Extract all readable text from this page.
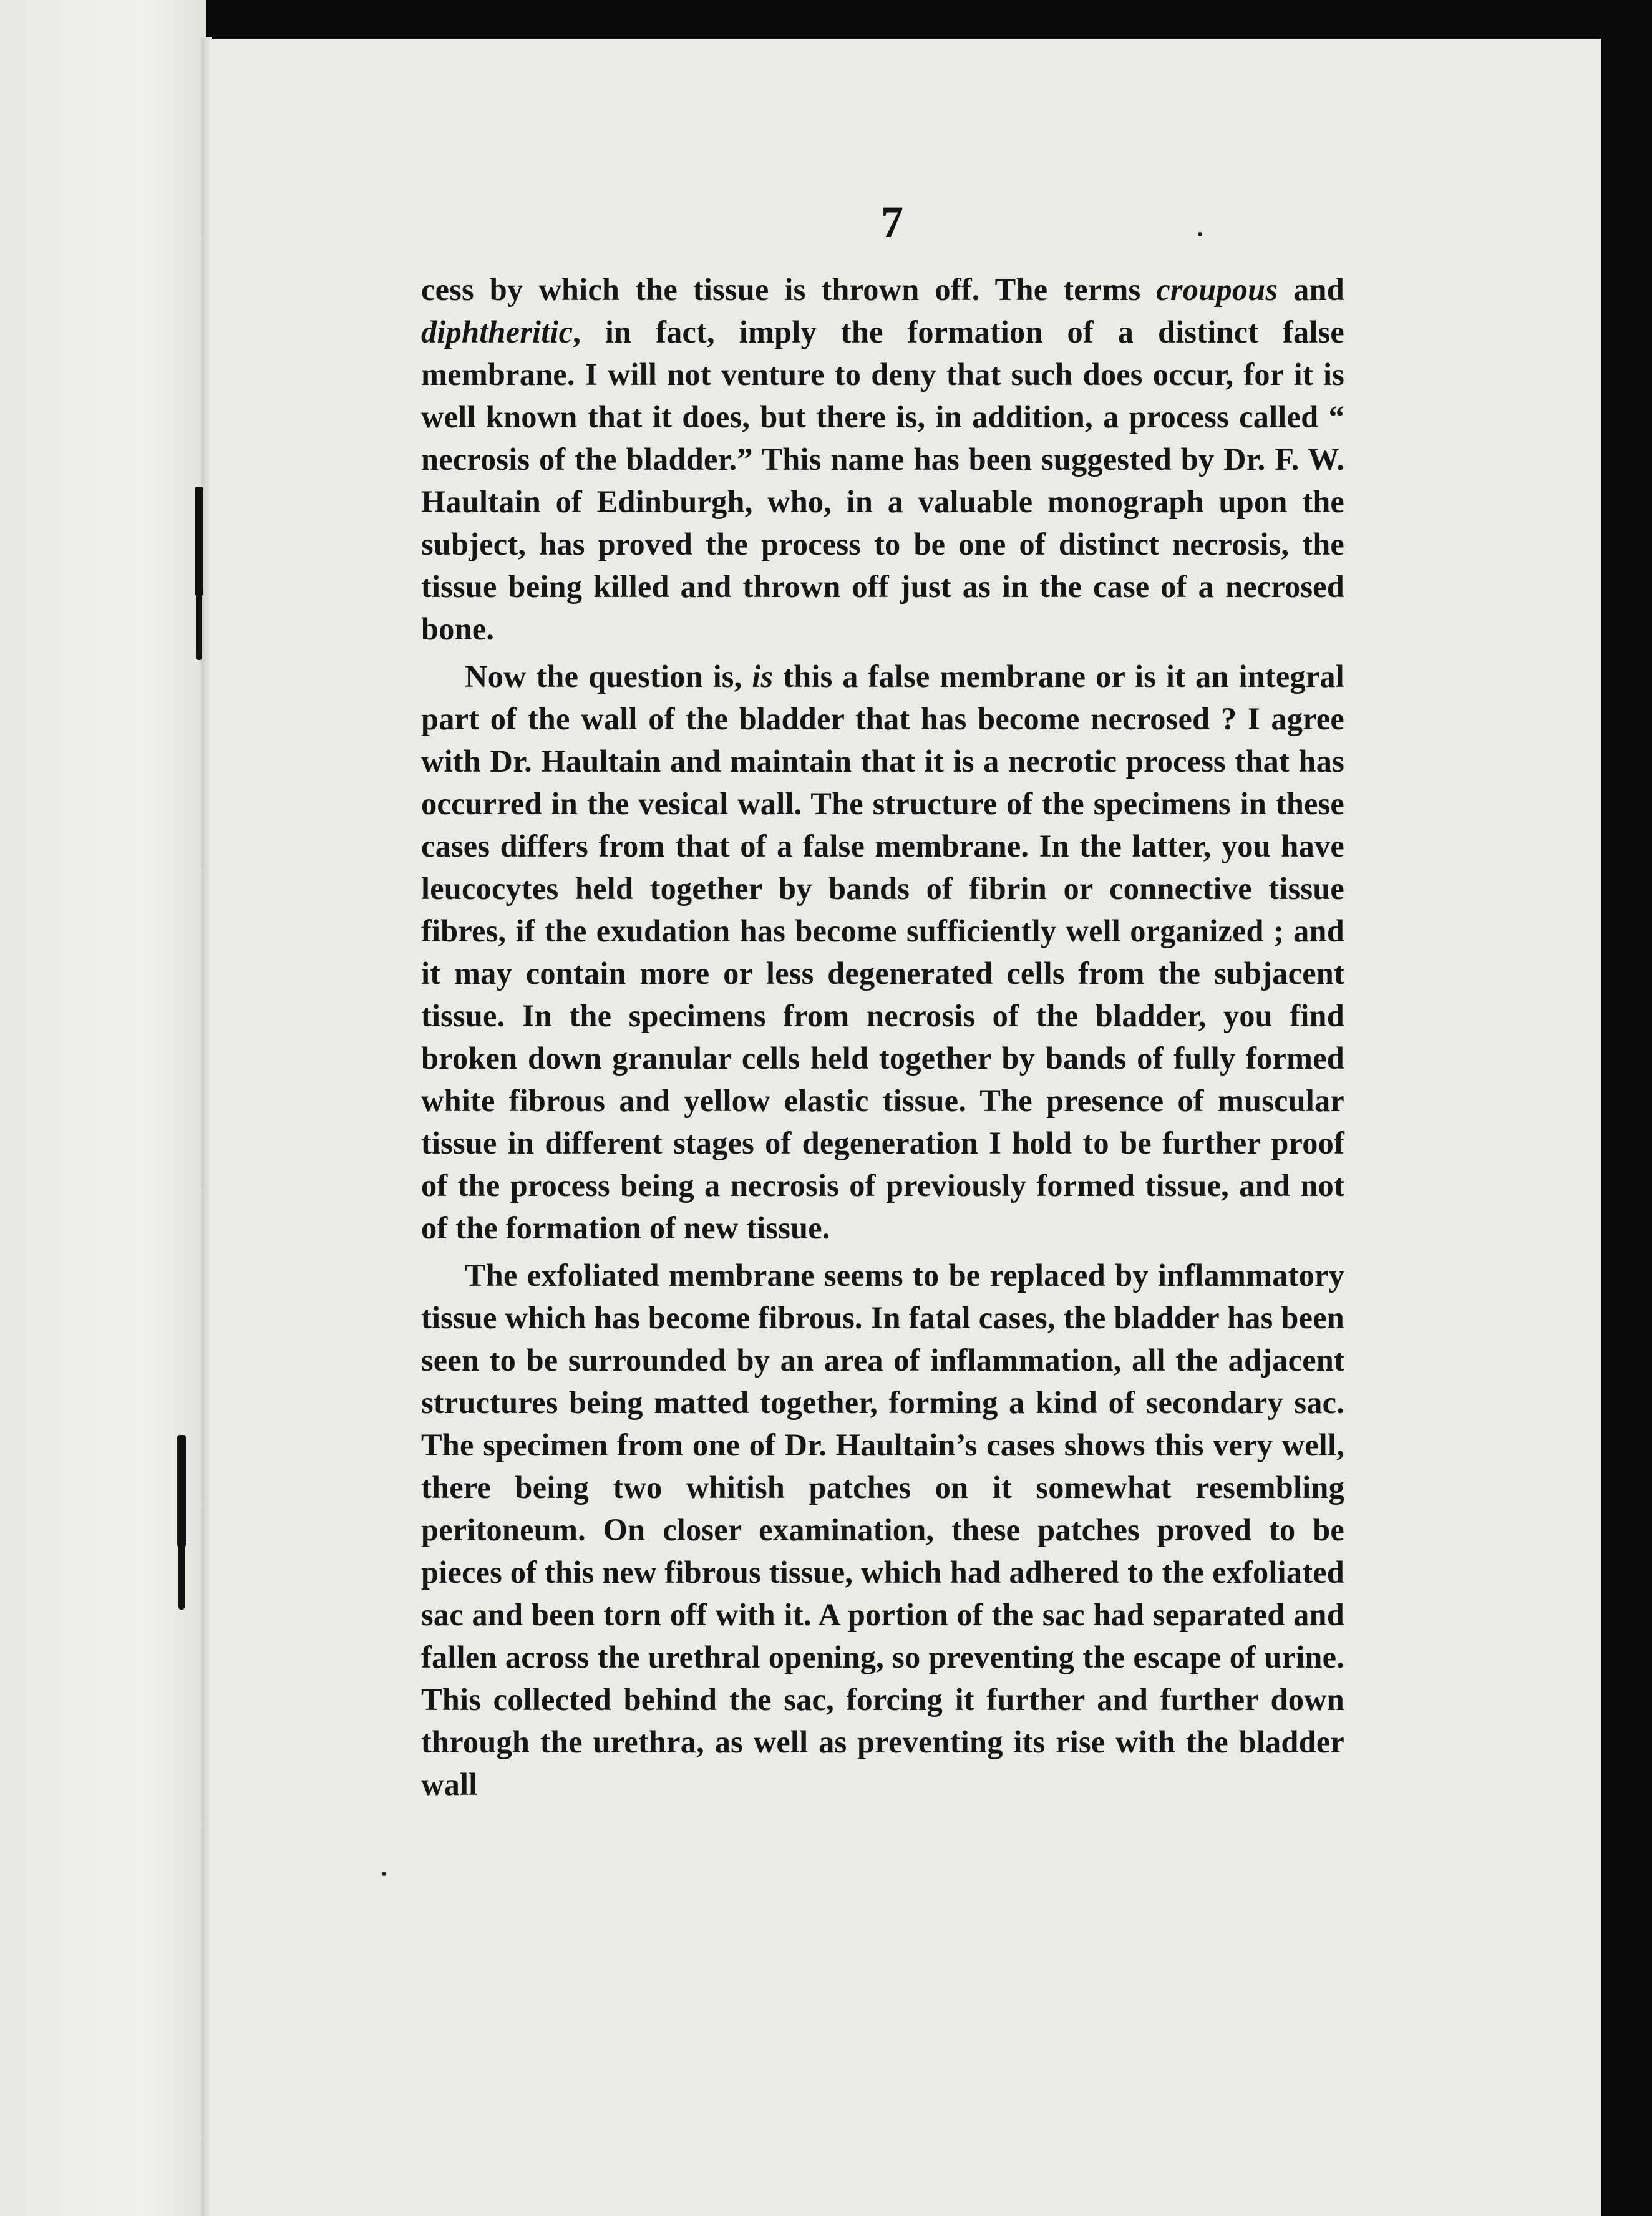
7

cess by which the tissue is thrown off. The terms croupous and diphtheritic, in fact, imply the formation of a distinct false membrane. I will not venture to deny that such does occur, for it is well known that it does, but there is, in addition, a process called “ necrosis of the bladder.” This name has been suggested by Dr. F. W. Haultain of Edinburgh, who, in a valuable monograph upon the subject, has proved the process to be one of distinct necrosis, the tissue being killed and thrown off just as in the case of a necrosed bone.

Now the question is, is this a false membrane or is it an integral part of the wall of the bladder that has become necrosed ? I agree with Dr. Haultain and maintain that it is a necrotic process that has occurred in the vesical wall. The structure of the specimens in these cases differs from that of a false membrane. In the latter, you have leucocytes held together by bands of fibrin or connective tissue fibres, if the exudation has become sufficiently well organized ; and it may contain more or less degenerated cells from the subjacent tissue. In the specimens from necrosis of the bladder, you find broken down granular cells held together by bands of fully formed white fibrous and yellow elastic tissue. The presence of muscular tissue in different stages of degeneration I hold to be further proof of the process being a necrosis of previously formed tissue, and not of the formation of new tissue.

The exfoliated membrane seems to be replaced by inflammatory tissue which has become fibrous. In fatal cases, the bladder has been seen to be surrounded by an area of inflammation, all the adjacent structures being matted together, forming a kind of secondary sac. The specimen from one of Dr. Haultain’s cases shows this very well, there being two whitish patches on it somewhat resembling peritoneum. On closer examination, these patches proved to be pieces of this new fibrous tissue, which had adhered to the exfoliated sac and been torn off with it. A portion of the sac had separated and fallen across the urethral opening, so preventing the escape of urine. This collected behind the sac, forcing it further and further down through the urethra, as well as preventing its rise with the bladder wall
